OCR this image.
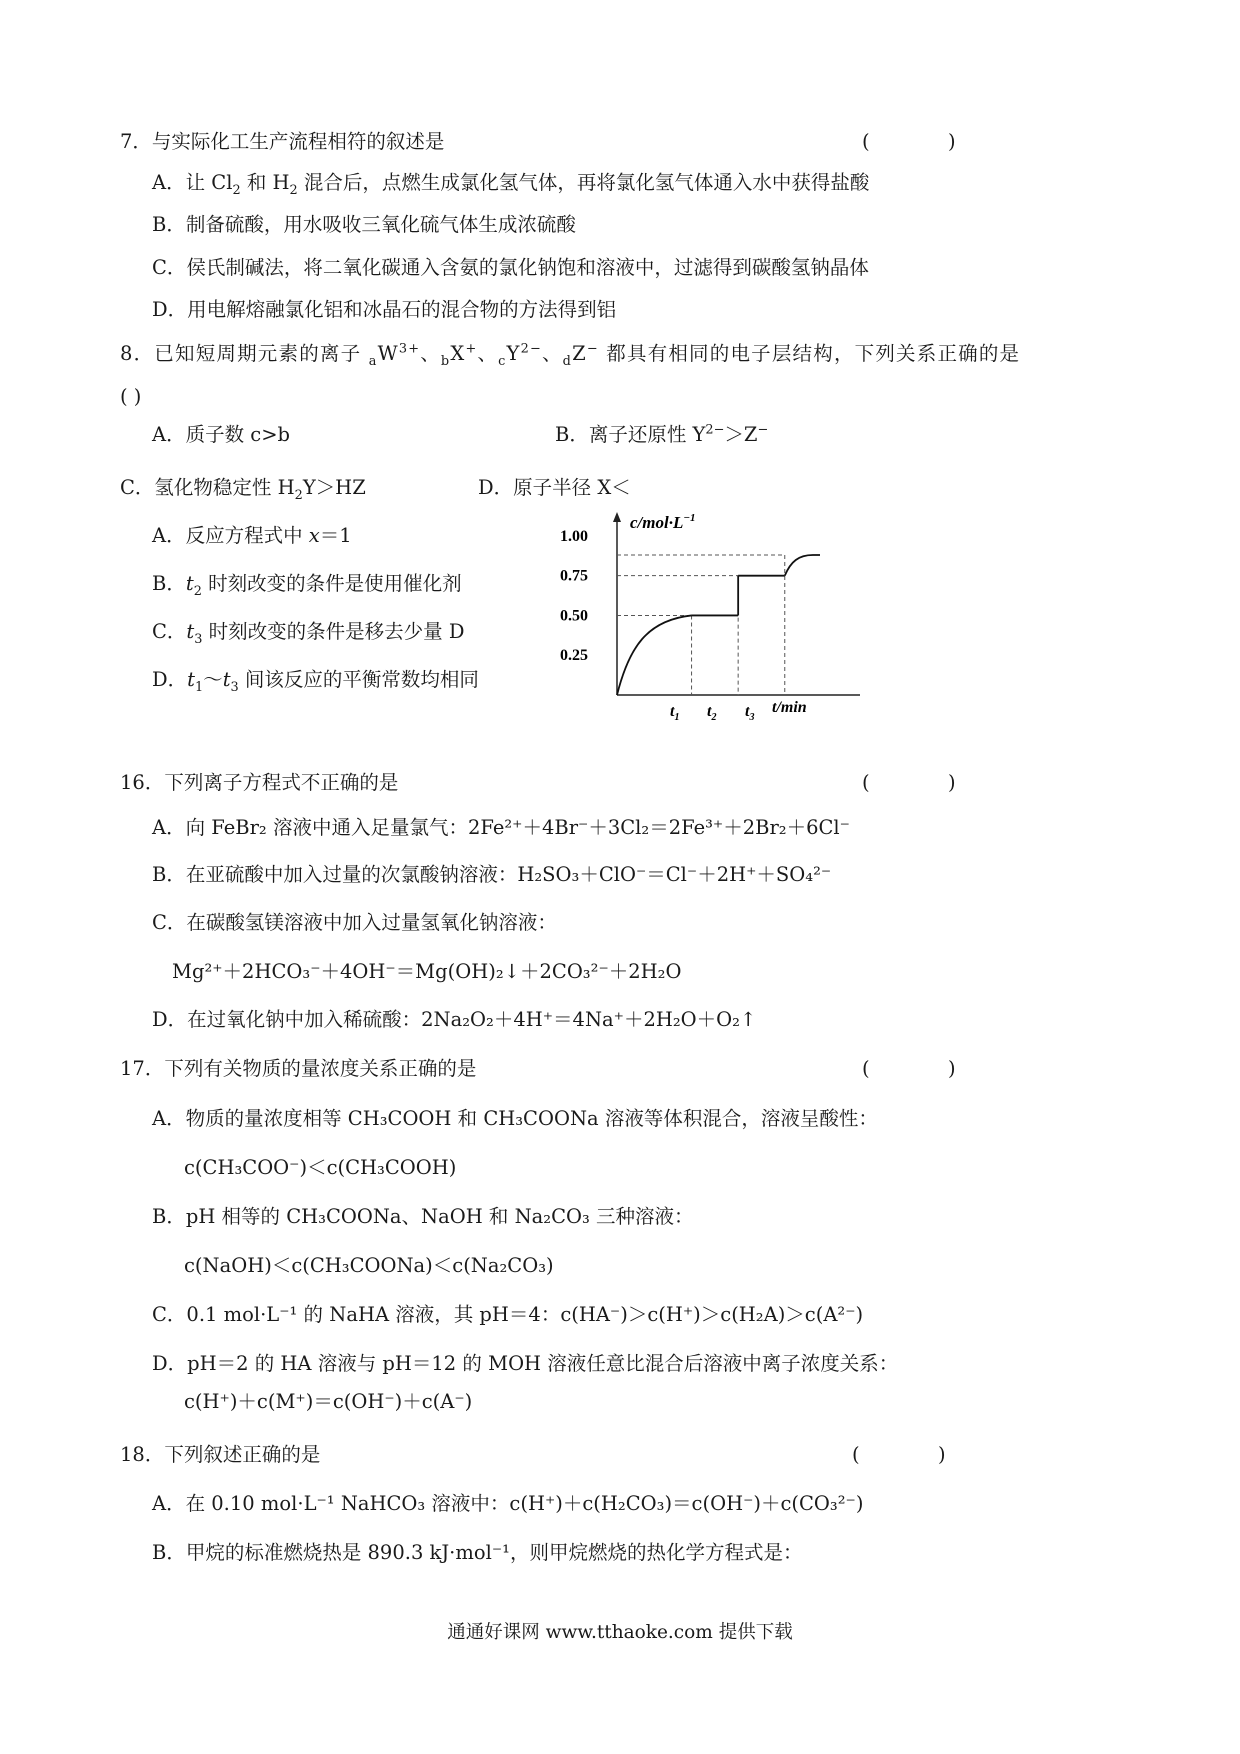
7．与实际化工生产流程相符的叙述是	(	)
A．让 $Cl_2$ 和 $H_2$ 混合后，点燃生成氯化氢气体，再将氯化氢气体通入水中获得盐酸
B．制备硫酸，用水吸收三氧化硫气体生成浓硫酸
C．侯氏制碱法，将二氧化碳通入含氨的氯化钠饱和溶液中，过滤得到碳酸氢钠晶体
D．用电解熔融氯化铝和冰晶石的混合物的方法得到铝
8．已知短周期元素的离子 $_aW^{3+}$、$_b$X+、$_cY^{2-}$、$_d$Z− 都具有相同的电子层结构，下列关系正确的是
( )
A．质子数 c>b	B．离子还原性 $Y^{2-}>Z^-$
C．氢化物稳定性 $H_2Y>HZ$	D．原子半径 X＜
A．反应方程式中 x＝1
B．$t_2$ 时刻改变的条件是使用催化剂
C．$t_3$ 时刻改变的条件是移去少量 D
D．$t_1\sim t_3$ 间该反应的平衡常数均相同
$c/mol\cdot L^{-1}$
1.00
0.75
0.50
0.25
$t_1$ $t_2$ $t_3$
t/min
16．下列离子方程式不正确的是	(	)
A．向 FeBr₂ 溶液中通入足量氯气：2Fe²⁺＋4Br⁻＋3Cl₂＝2Fe³⁺＋2Br₂＋6Cl⁻
B．在亚硫酸中加入过量的次氯酸钠溶液：H₂SO₃＋ClO⁻＝Cl⁻＋2H⁺＋SO₄²⁻
C．在碳酸氢镁溶液中加入过量氢氧化钠溶液：
Mg²⁺＋2HCO₃⁻＋4OH⁻＝Mg(OH)₂↓＋2CO₃²⁻＋2H₂O
D．在过氧化钠中加入稀硫酸：2Na₂O₂＋4H⁺＝4Na⁺＋2H₂O＋O₂↑
17．下列有关物质的量浓度关系正确的是	(	)
A．物质的量浓度相等 CH₃COOH 和 CH₃COONa 溶液等体积混合，溶液呈酸性：
c(CH₃COO⁻)＜c(CH₃COOH)
B．pH 相等的 CH₃COONa、NaOH 和 Na₂CO₃ 三种溶液：
c(NaOH)＜c(CH₃COONa)＜c(Na₂CO₃)
C．0.1 mol·L⁻¹ 的 NaHA 溶液，其 pH＝4：c(HA⁻)＞c(H⁺)＞c(H₂A)＞c(A²⁻)
D．pH＝2 的 HA 溶液与 pH＝12 的 MOH 溶液任意比混合后溶液中离子浓度关系：
c(H⁺)＋c(M⁺)＝c(OH⁻)＋c(A⁻)
18．下列叙述正确的是	(	)
A．在 0.10 mol·L⁻¹ NaHCO₃ 溶液中：c(H⁺)＋c(H₂CO₃)＝c(OH⁻)＋c(CO₃²⁻)
B．甲烷的标准燃烧热是 890.3 kJ·mol⁻¹，则甲烷燃烧的热化学方程式是：
通通好课网 www.tthaoke.com 提供下载
